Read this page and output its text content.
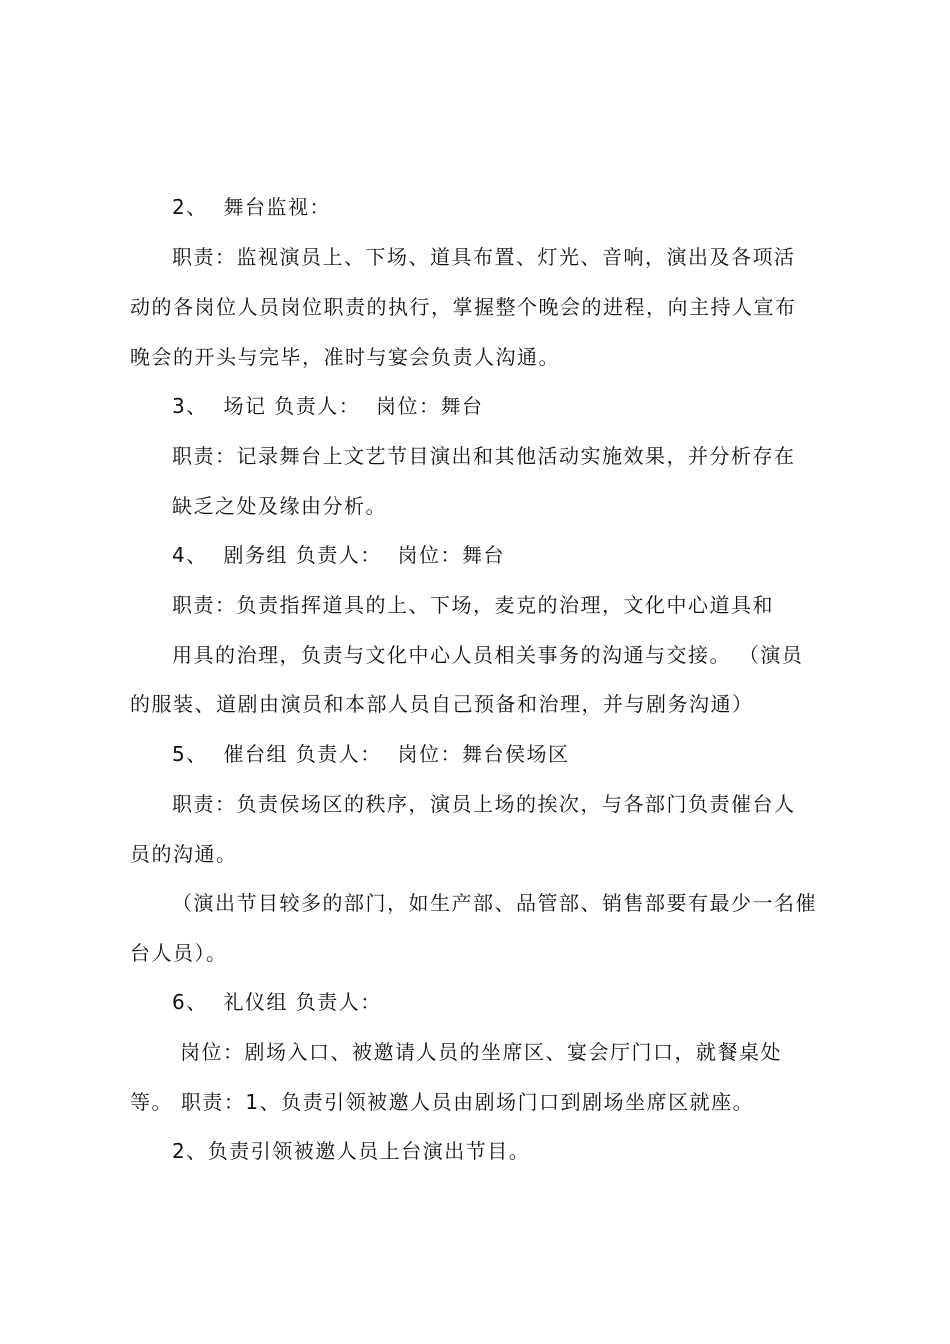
2、  舞台监视：
职责：监视演员上、下场、道具布置、灯光、音响，演出及各项活
动的各岗位人员岗位职责的执行，掌握整个晚会的进程，向主持人宣布
晚会的开头与完毕，准时与宴会负责人沟通。
3、  场记 负责人：  岗位：舞台
职责：记录舞台上文艺节目演出和其他活动实施效果，并分析存在
缺乏之处及缘由分析。
4、  剧务组 负责人：  岗位：舞台
职责：负责指挥道具的上、下场，麦克的治理，文化中心道具和
用具的治理，负责与文化中心人员相关事务的沟通与交接。 （演员
的服装、道剧由演员和本部人员自己预备和治理，并与剧务沟通）
5、  催台组 负责人：  岗位：舞台侯场区
职责：负责侯场区的秩序，演员上场的挨次，与各部门负责催台人
员的沟通。
（演出节目较多的部门，如生产部、品管部、销售部要有最少一名催
台人员）。
6、  礼仪组 负责人：
岗位：剧场入口、被邀请人员的坐席区、宴会厅门口，就餐桌处
等。 职责：1、负责引领被邀人员由剧场门口到剧场坐席区就座。
2、负责引领被邀人员上台演出节目。
